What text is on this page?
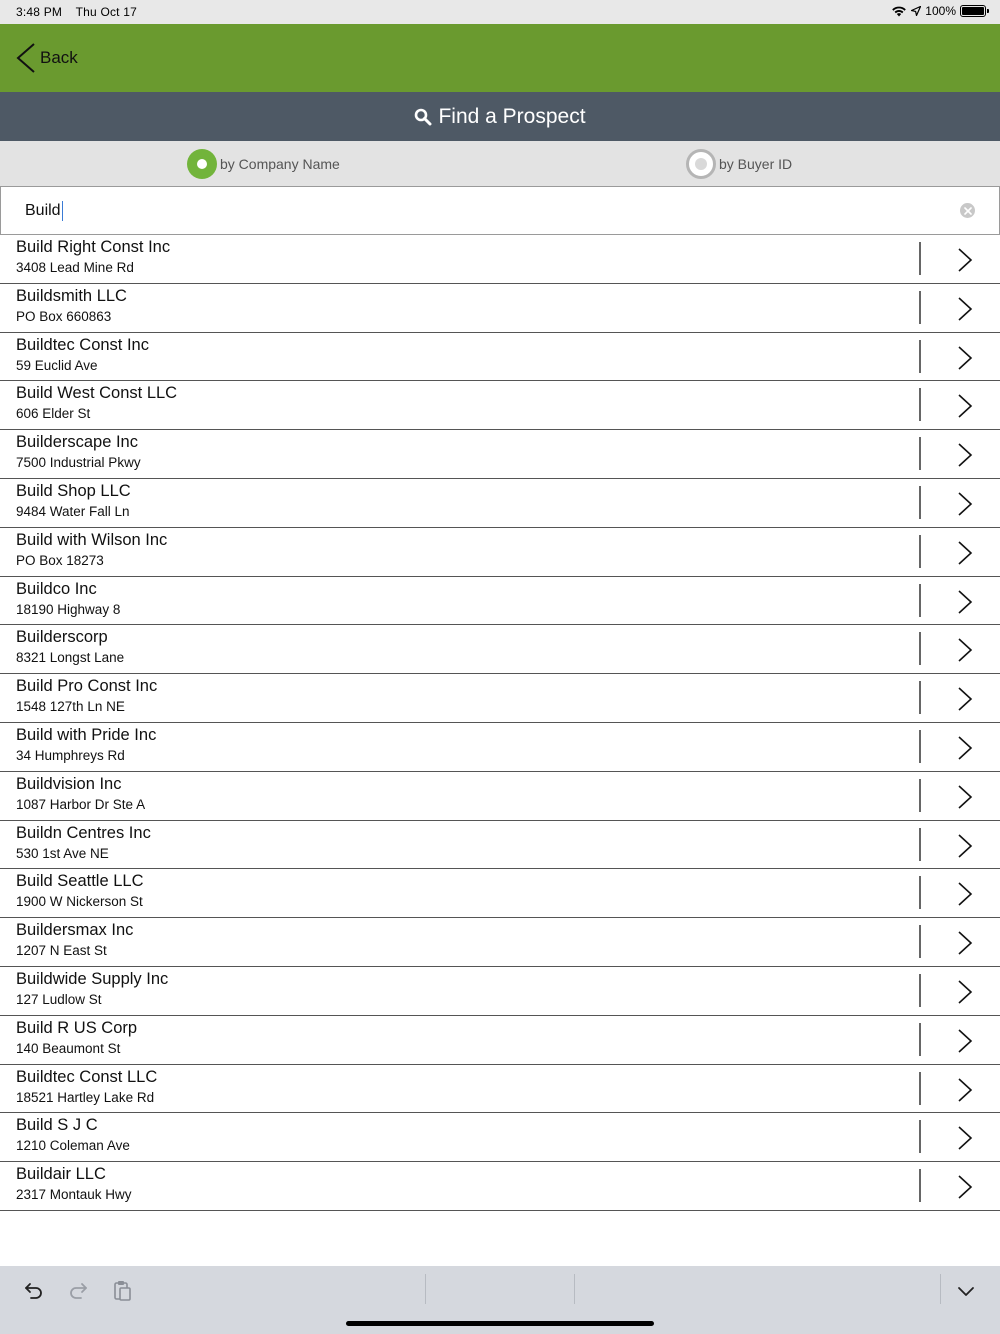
3:48 PM Thu Oct 17	100%
Back
Find a Prospect
by Company Name	by Buyer ID
Build
Build Right Const Inc
3408 Lead Mine Rd
Buildsmith LLC
PO Box 660863
Buildtec Const Inc
59 Euclid Ave
Build West Const LLC
606 Elder St
Builderscape Inc
7500 Industrial Pkwy
Build Shop LLC
9484 Water Fall Ln
Build with Wilson Inc
PO Box 18273
Buildco Inc
18190 Highway 8
Builderscorp
8321 Longst Lane
Build Pro Const Inc
1548 127th Ln NE
Build with Pride Inc
34 Humphreys Rd
Buildvision Inc
1087 Harbor Dr Ste A
Buildn Centres Inc
530 1st Ave NE
Build Seattle LLC
1900 W Nickerson St
Buildersmax Inc
1207 N East St
Buildwide Supply Inc
127 Ludlow St
Build R US Corp
140 Beaumont St
Buildtec Const LLC
18521 Hartley Lake Rd
Build S J C
1210 Coleman Ave
Buildair LLC
2317 Montauk Hwy
